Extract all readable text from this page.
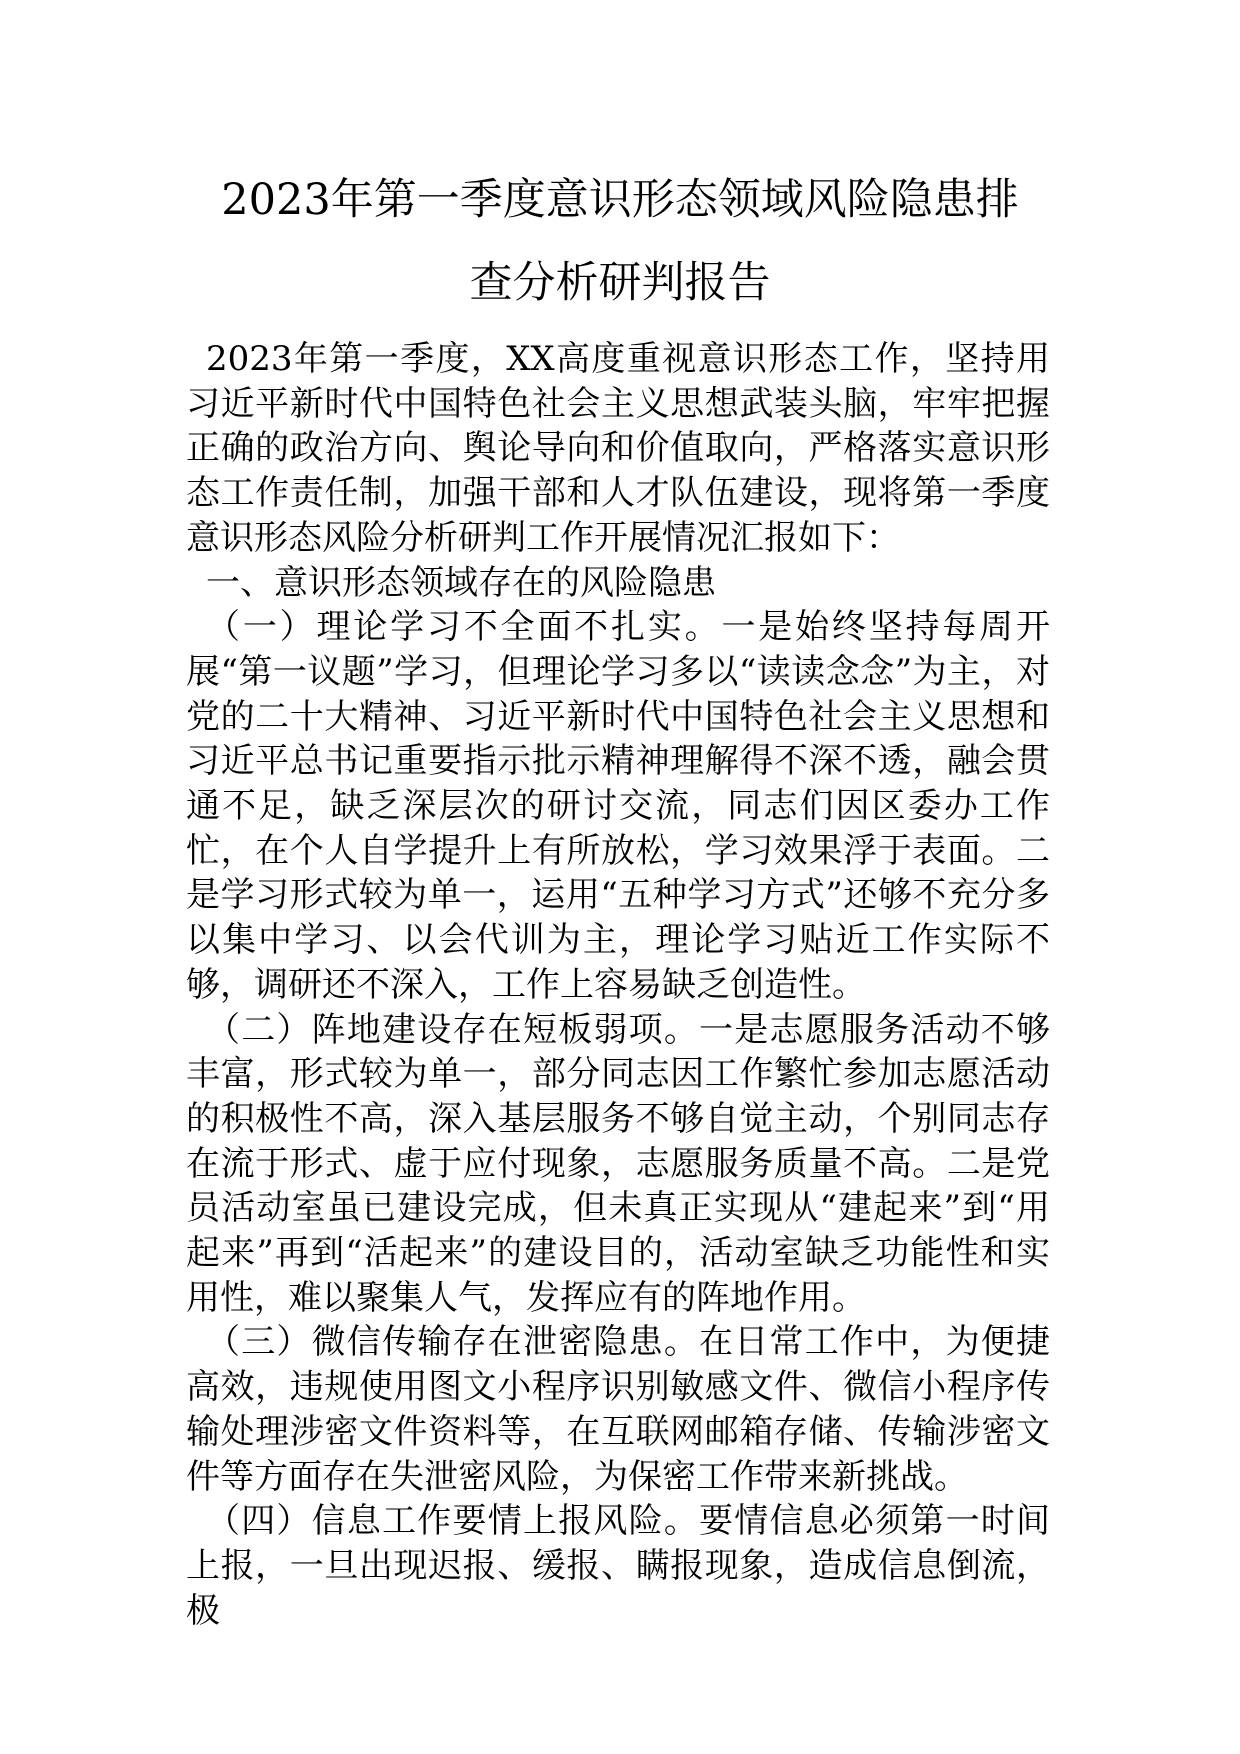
2023年第一季度意识形态领域风险隐患排
查分析研判报告

2023年第一季度，XX高度重视意识形态工作，坚持用习近平新时代中国特色社会主义思想武装头脑，牢牢把握正确的政治方向、舆论导向和价值取向，严格落实意识形态工作责任制，加强干部和人才队伍建设，现将第一季度意识形态风险分析研判工作开展情况汇报如下：

一、意识形态领域存在的风险隐患

（一）理论学习不全面不扎实。一是始终坚持每周开展“第一议题”学习，但理论学习多以“读读念念”为主，对党的二十大精神、习近平新时代中国特色社会主义思想和习近平总书记重要指示批示精神理解得不深不透，融会贯通不足，缺乏深层次的研讨交流，同志们因区委办工作忙，在个人自学提升上有所放松，学习效果浮于表面。二是学习形式较为单一，运用“五种学习方式”还够不充分多以集中学习、以会代训为主，理论学习贴近工作实际不够，调研还不深入，工作上容易缺乏创造性。

（二）阵地建设存在短板弱项。一是志愿服务活动不够丰富，形式较为单一，部分同志因工作繁忙参加志愿活动的积极性不高，深入基层服务不够自觉主动，个别同志存在流于形式、虚于应付现象，志愿服务质量不高。二是党员活动室虽已建设完成，但未真正实现从“建起来”到“用起来”再到“活起来”的建设目的，活动室缺乏功能性和实用性，难以聚集人气，发挥应有的阵地作用。

（三）微信传输存在泄密隐患。在日常工作中，为便捷高效，违规使用图文小程序识别敏感文件、微信小程序传输处理涉密文件资料等，在互联网邮箱存储、传输涉密文件等方面存在失泄密风险，为保密工作带来新挑战。

（四）信息工作要情上报风险。要情信息必须第一时间上报，一旦出现迟报、缓报、瞒报现象，造成信息倒流，极
